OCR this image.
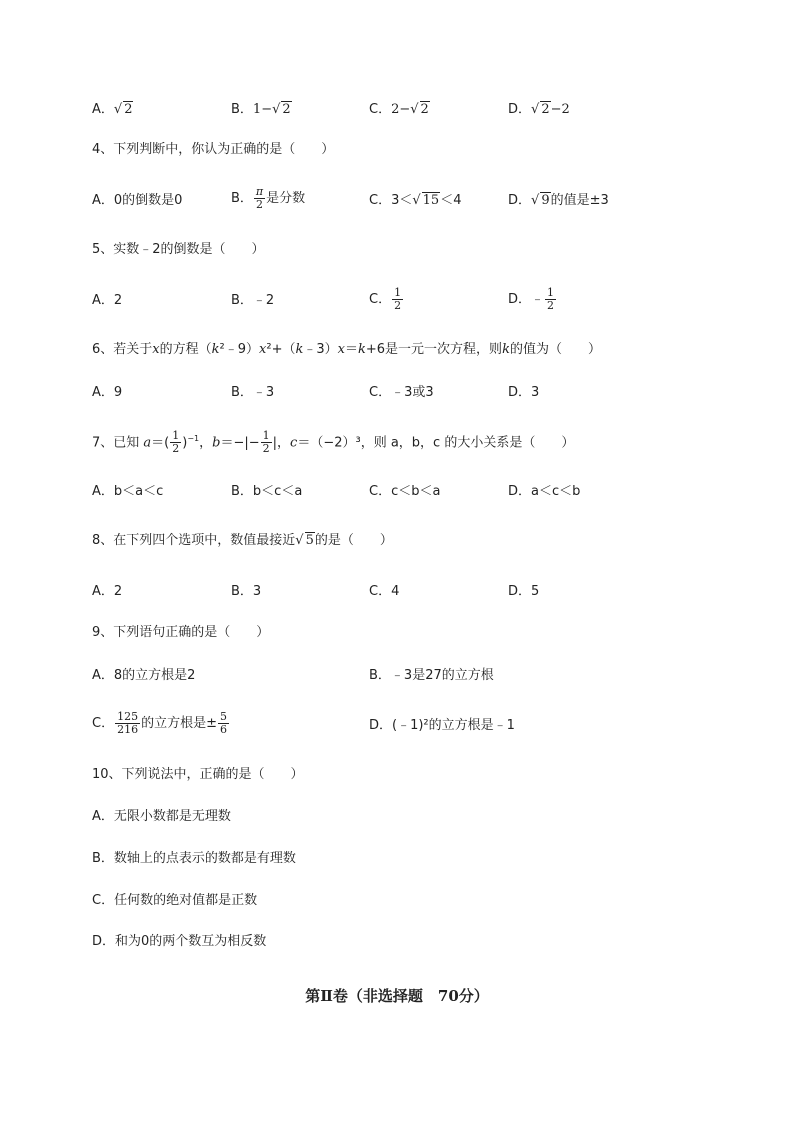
A．√ 2	B．1−√ 2	C．2−√ 2	D．√ 2−2
4、下列判断中，你认为正确的是（　　）
A．0的倒数是0	B． $\frac{\pi}{2}$ 是分数	C．3＜√ 15＜4	D．√ 9的值是±3
5、实数﹣2的倒数是（　　）
A．2	B．﹣2	C． $\frac{1}{2}$	D．﹣ $\frac{1}{2}$
6、若关于x的方程（k²﹣9）x²+（k﹣3）x＝k+6是一元一次方程，则k的值为（　　）
A．9	B．﹣3	C．﹣3或3	D．3
7、已知 $a=( \frac{1}{2} )^{-1}$，$b=-|- \frac{1}{2}$ |，c＝（−2）³，则 a，b，c 的大小关系是（　　）
A．b＜a＜c	B．b＜c＜a	C．c＜b＜a	D．a＜c＜b
8、在下列四个选项中，数值最接近√ 5的是（　　）
A．2	B．3	C．4	D．5
9、下列语句正确的是（　　）
A．8的立方根是2	B．﹣3是27的立方根
C． $\frac{125}{216}$ 的立方根是± $\frac{5}{6}$	D．(﹣1)²的立方根是﹣1
10、下列说法中，正确的是（　　）
A．无限小数都是无理数
B．数轴上的点表示的数都是有理数
C．任何数的绝对值都是正数
D．和为0的两个数互为相反数
第Ⅱ卷（非选择题　70分）
